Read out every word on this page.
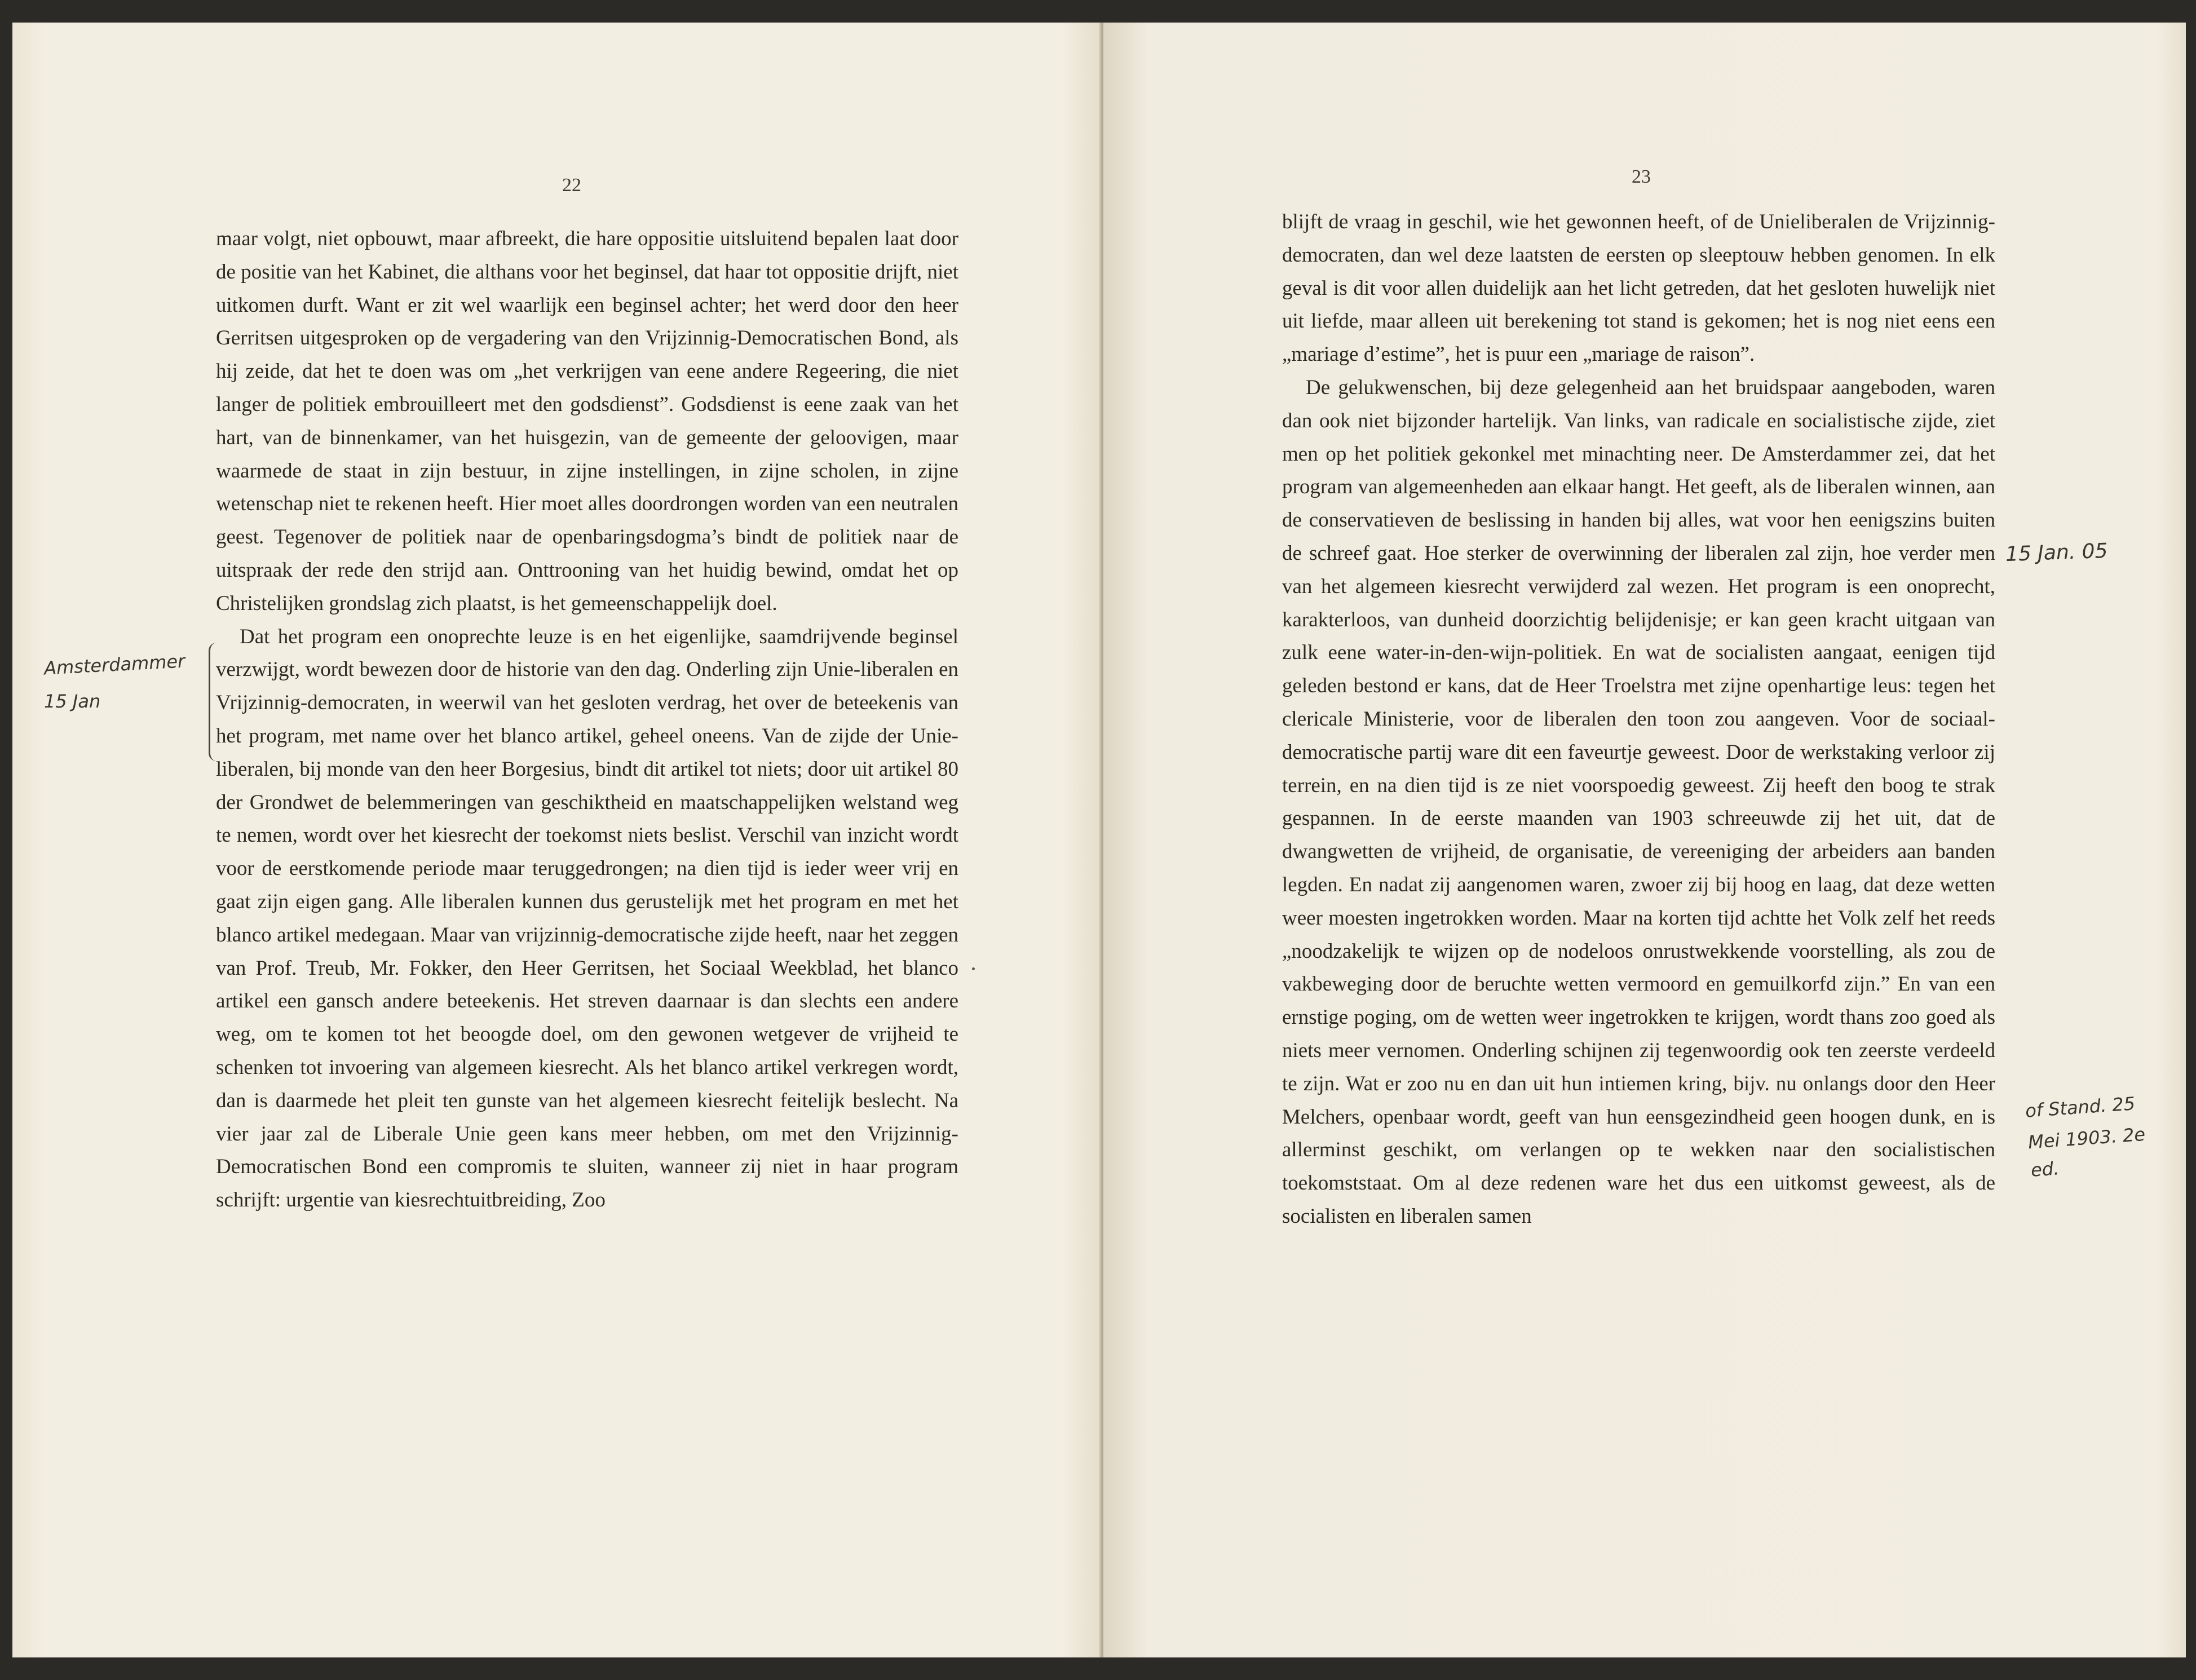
22

maar volgt, niet opbouwt, maar afbreekt, die hare oppositie uitsluitend bepalen laat door de positie van het Kabinet, die althans voor het beginsel, dat haar tot oppositie drijft, niet uitkomen durft. Want er zit wel waarlijk een beginsel achter; het werd door den heer Gerritsen uitgesproken op de vergadering van den Vrijzinnig-Democratischen Bond, als hij zeide, dat het te doen was om „het verkrijgen van eene andere Regeering, die niet langer de politiek embrouilleert met den godsdienst”. Godsdienst is eene zaak van het hart, van de binnenkamer, van het huisgezin, van de gemeente der geloovigen, maar waarmede de staat in zijn bestuur, in zijne instellingen, in zijne scholen, in zijne wetenschap niet te rekenen heeft. Hier moet alles doordrongen worden van een neutralen geest. Tegenover de politiek naar de openbaringsdogma’s bindt de politiek naar de uitspraak der rede den strijd aan. Onttrooning van het huidig bewind, omdat het op Christelijken grondslag zich plaatst, is het gemeenschappelijk doel.

Dat het program een onoprechte leuze is en het eigenlijke, saamdrijvende beginsel verzwijgt, wordt bewezen door de historie van den dag. Onderling zijn Unie-liberalen en Vrijzinnig-democraten, in weerwil van het gesloten verdrag, het over de beteekenis van het program, met name over het blanco artikel, geheel oneens. Van de zijde der Unie-liberalen, bij monde van den heer Borgesius, bindt dit artikel tot niets; door uit artikel 80 der Grondwet de belemmeringen van geschiktheid en maatschappelijken welstand weg te nemen, wordt over het kiesrecht der toekomst niets beslist. Verschil van inzicht wordt voor de eerstkomende periode maar teruggedrongen; na dien tijd is ieder weer vrij en gaat zijn eigen gang. Alle liberalen kunnen dus gerustelijk met het program en met het blanco artikel medegaan. Maar van vrijzinnig-democratische zijde heeft, naar het zeggen van Prof. Treub, Mr. Fokker, den Heer Gerritsen, het Sociaal Weekblad, het blanco artikel een gansch andere beteekenis. Het streven daarnaar is dan slechts een andere weg, om te komen tot het beoogde doel, om den gewonen wetgever de vrijheid te schenken tot invoering van algemeen kiesrecht. Als het blanco artikel verkregen wordt, dan is daarmede het pleit ten gunste van het algemeen kiesrecht feitelijk beslecht. Na vier jaar zal de Liberale Unie geen kans meer hebben, om met den Vrijzinnig-Democratischen Bond een compromis te sluiten, wanneer zij niet in haar program schrijft: urgentie van kiesrechtuitbreiding, Zoo

Amsterdammer
15 Jan
23

blijft de vraag in geschil, wie het gewonnen heeft, of de Unieliberalen de Vrijzinnig-democraten, dan wel deze laatsten de eersten op sleeptouw hebben genomen. In elk geval is dit voor allen duidelijk aan het licht getreden, dat het gesloten huwelijk niet uit liefde, maar alleen uit berekening tot stand is gekomen; het is nog niet eens een „mariage d’estime”, het is puur een „mariage de raison”.

De gelukwenschen, bij deze gelegenheid aan het bruidspaar aangeboden, waren dan ook niet bijzonder hartelijk. Van links, van radicale en socialistische zijde, ziet men op het politiek gekonkel met minachting neer. De Amsterdammer zei, dat het program van algemeenheden aan elkaar hangt. Het geeft, als de liberalen winnen, aan de conservatieven de beslissing in handen bij alles, wat voor hen eenigszins buiten de schreef gaat. Hoe sterker de overwinning der liberalen zal zijn, hoe verder men van het algemeen kiesrecht verwijderd zal wezen. Het program is een onoprecht, karakterloos, van dunheid doorzichtig belijdenisje; er kan geen kracht uitgaan van zulk eene water-in-den-wijn-politiek. En wat de socialisten aangaat, eenigen tijd geleden bestond er kans, dat de Heer Troelstra met zijne openhartige leus: tegen het clericale Ministerie, voor de liberalen den toon zou aangeven. Voor de sociaal-democratische partij ware dit een faveurtje geweest. Door de werkstaking verloor zij terrein, en na dien tijd is ze niet voorspoedig geweest. Zij heeft den boog te strak gespannen. In de eerste maanden van 1903 schreeuwde zij het uit, dat de dwangwetten de vrijheid, de organisatie, de vereeniging der arbeiders aan banden legden. En nadat zij aangenomen waren, zwoer zij bij hoog en laag, dat deze wetten weer moesten ingetrokken worden. Maar na korten tijd achtte het Volk zelf het reeds „noodzakelijk te wijzen op de nodeloos onrustwekkende voorstelling, als zou de vakbeweging door de beruchte wetten vermoord en gemuilkorfd zijn.” En van een ernstige poging, om de wetten weer ingetrokken te krijgen, wordt thans zoo goed als niets meer vernomen. Onderling schijnen zij tegenwoordig ook ten zeerste verdeeld te zijn. Wat er zoo nu en dan uit hun intiemen kring, bijv. nu onlangs door den Heer Melchers, openbaar wordt, geeft van hun eensgezindheid geen hoogen dunk, en is allerminst geschikt, om verlangen op te wekken naar den socialistischen toekomststaat. Om al deze redenen ware het dus een uitkomst geweest, als de socialisten en liberalen samen

15 Jan. 05
of Stand. 25
Mei 1903. 2e
ed.
